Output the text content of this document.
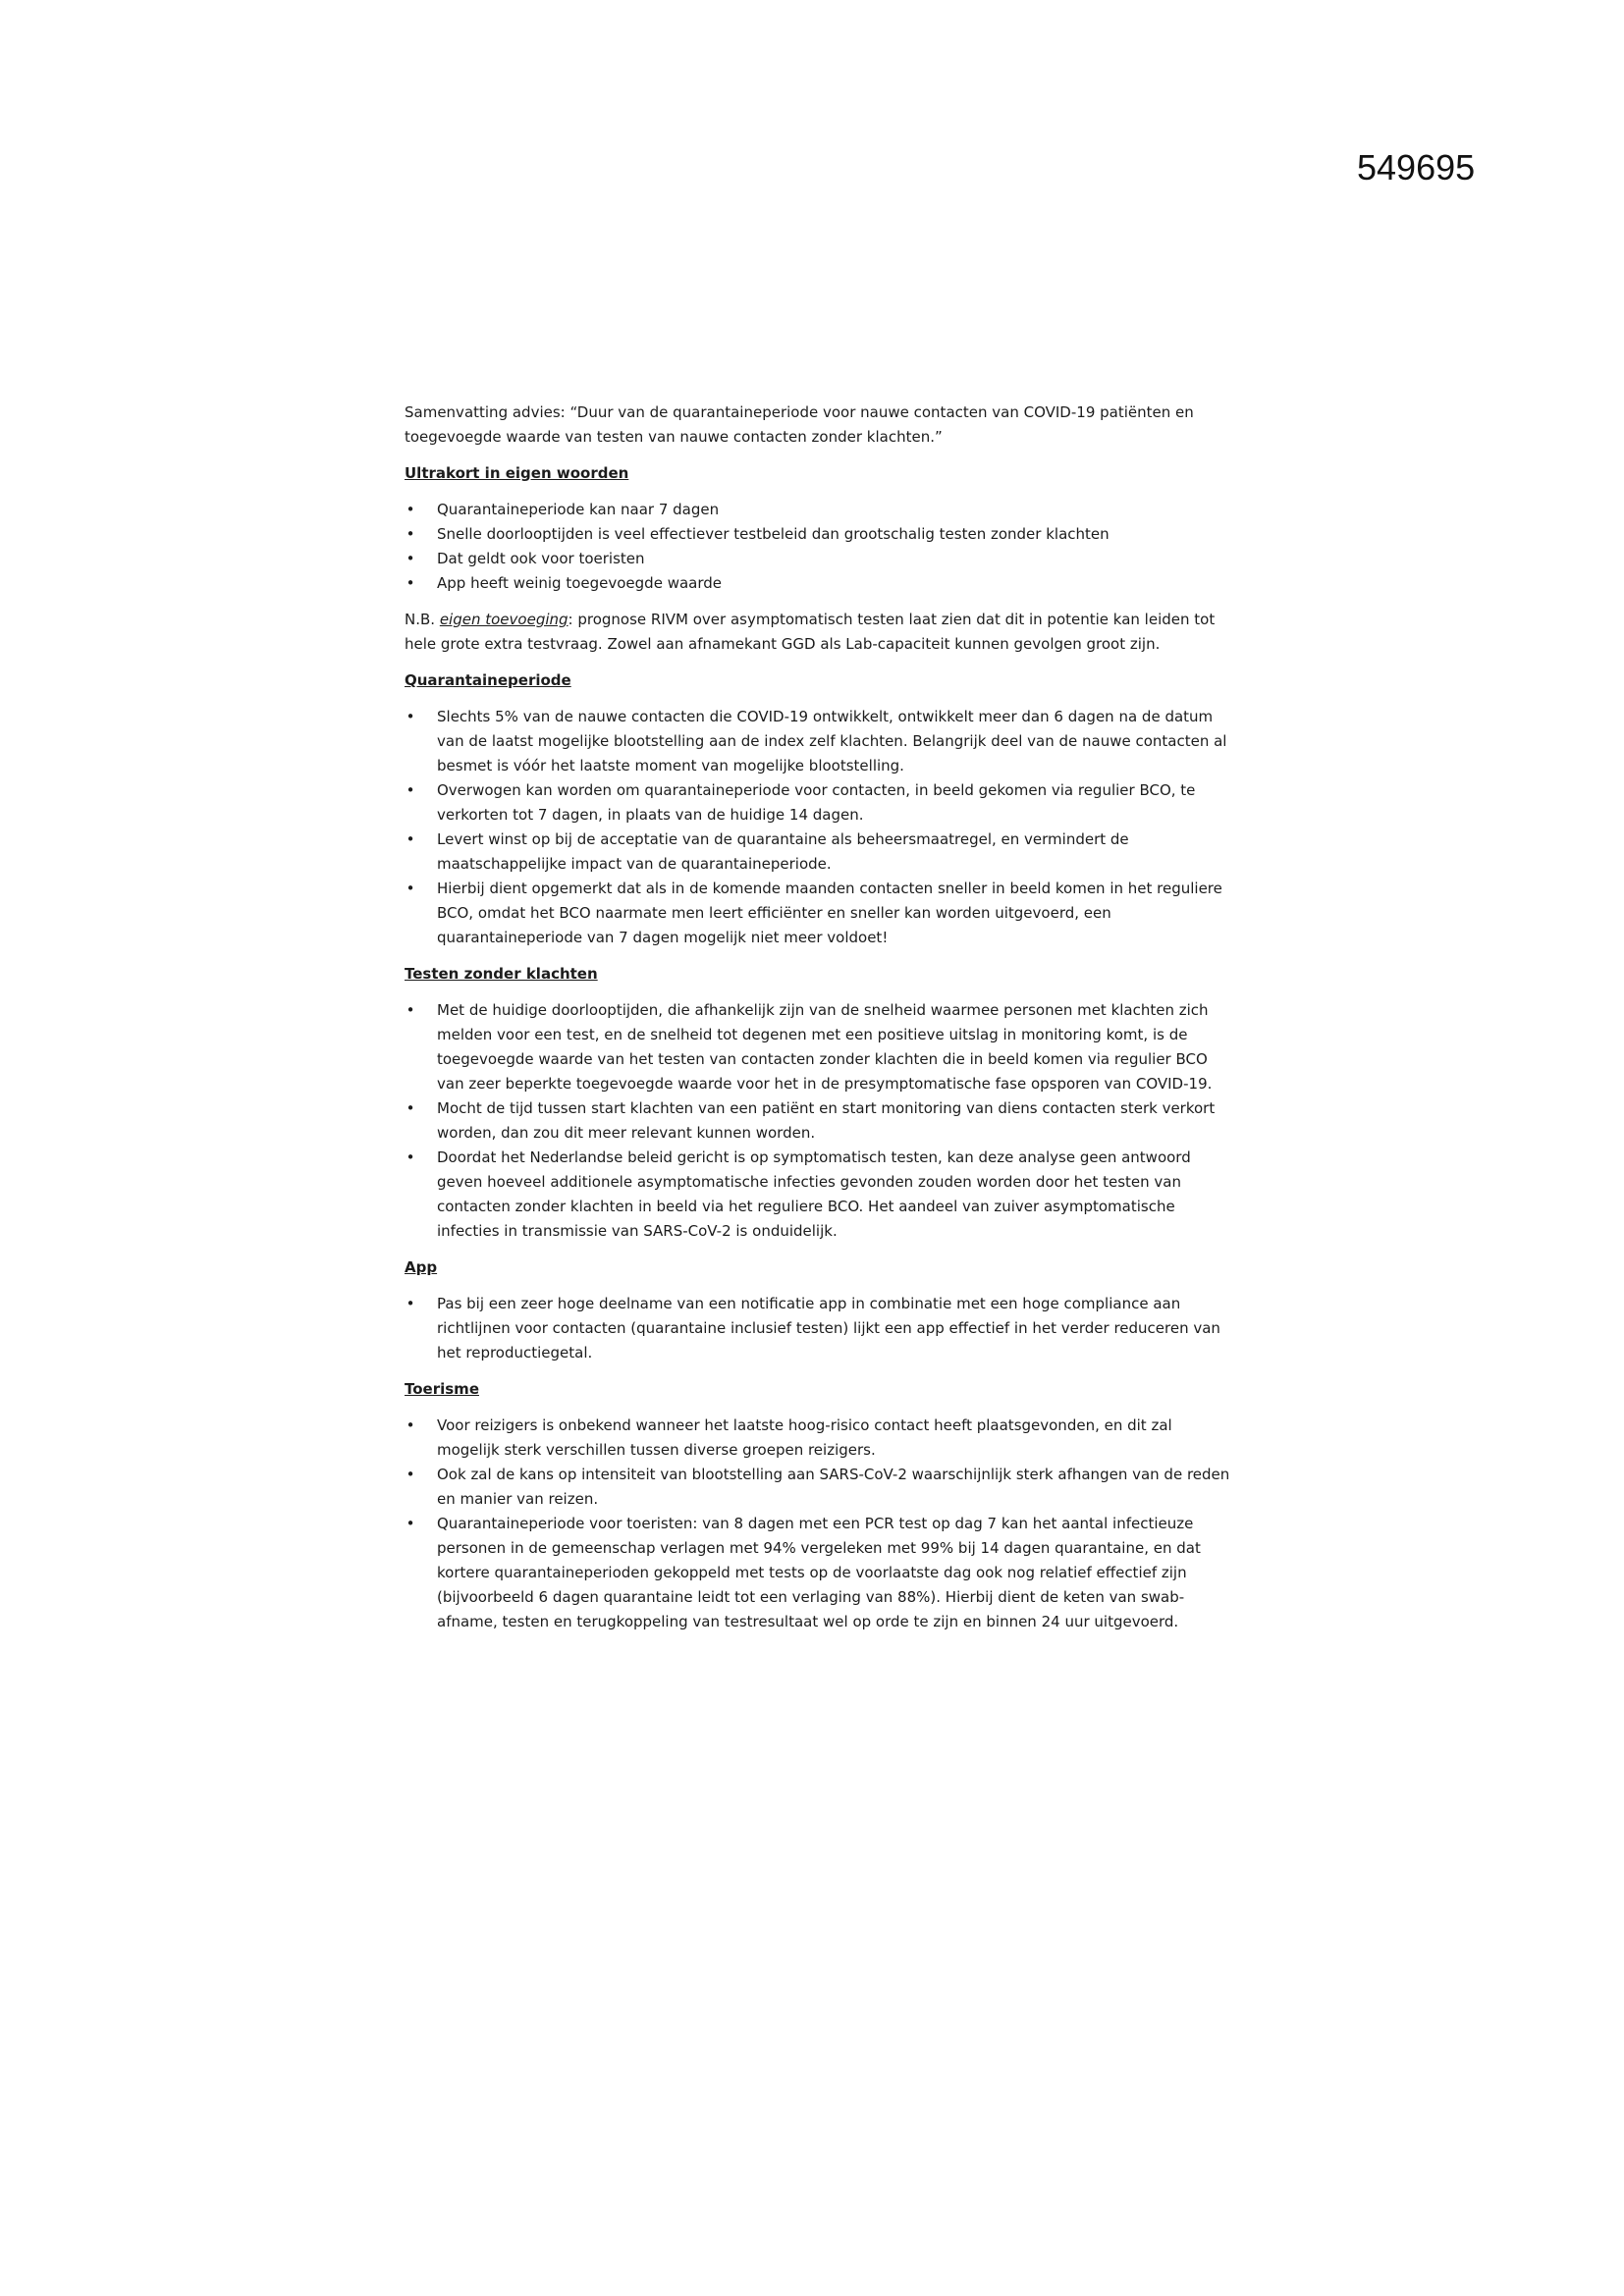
549695

Samenvatting advies: “Duur van de quarantaineperiode voor nauwe contacten van COVID-19 patiënten en toegevoegde waarde van testen van nauwe contacten zonder klachten.”

Ultrakort in eigen woorden
• Quarantaineperiode kan naar 7 dagen
• Snelle doorlooptijden is veel effectiever testbeleid dan grootschalig testen zonder klachten
• Dat geldt ook voor toeristen
• App heeft weinig toegevoegde waarde

N.B. eigen toevoeging: prognose RIVM over asymptomatisch testen laat zien dat dit in potentie kan leiden tot hele grote extra testvraag. Zowel aan afnamekant GGD als Lab-capaciteit kunnen gevolgen groot zijn.

Quarantaineperiode
• Slechts 5% van de nauwe contacten die COVID-19 ontwikkelt, ontwikkelt meer dan 6 dagen na de datum van de laatst mogelijke blootstelling aan de index zelf klachten. Belangrijk deel van de nauwe contacten al besmet is vóór het laatste moment van mogelijke blootstelling.
• Overwogen kan worden om quarantaineperiode voor contacten, in beeld gekomen via regulier BCO, te verkorten tot 7 dagen, in plaats van de huidige 14 dagen.
• Levert winst op bij de acceptatie van de quarantaine als beheersmaatregel, en vermindert de maatschappelijke impact van de quarantaineperiode.
• Hierbij dient opgemerkt dat als in de komende maanden contacten sneller in beeld komen in het reguliere BCO, omdat het BCO naarmate men leert efficiënter en sneller kan worden uitgevoerd, een quarantaineperiode van 7 dagen mogelijk niet meer voldoet!
Testen zonder klachten
• Met de huidige doorlooptijden, die afhankelijk zijn van de snelheid waarmee personen met klachten zich melden voor een test, en de snelheid tot degenen met een positieve uitslag in monitoring komt, is de toegevoegde waarde van het testen van contacten zonder klachten die in beeld komen via regulier BCO van zeer beperkte toegevoegde waarde voor het in de presymptomatische fase opsporen van COVID-19.
• Mocht de tijd tussen start klachten van een patiënt en start monitoring van diens contacten sterk verkort worden, dan zou dit meer relevant kunnen worden.
• Doordat het Nederlandse beleid gericht is op symptomatisch testen, kan deze analyse geen antwoord geven hoeveel additionele asymptomatische infecties gevonden zouden worden door het testen van contacten zonder klachten in beeld via het reguliere BCO. Het aandeel van zuiver asymptomatische infecties in transmissie van SARS-CoV-2 is onduidelijk.
App
• Pas bij een zeer hoge deelname van een notificatie app in combinatie met een hoge compliance aan richtlijnen voor contacten (quarantaine inclusief testen) lijkt een app effectief in het verder reduceren van het reproductiegetal.
Toerisme
• Voor reizigers is onbekend wanneer het laatste hoog-risico contact heeft plaatsgevonden, en dit zal mogelijk sterk verschillen tussen diverse groepen reizigers.
• Ook zal de kans op intensiteit van blootstelling aan SARS-CoV-2 waarschijnlijk sterk afhangen van de reden en manier van reizen.
• Quarantaineperiode voor toeristen: van 8 dagen met een PCR test op dag 7 kan het aantal infectieuze personen in de gemeenschap verlagen met 94% vergeleken met 99% bij 14 dagen quarantaine, en dat kortere quarantaineperioden gekoppeld met tests op de voorlaatste dag ook nog relatief effectief zijn (bijvoorbeeld 6 dagen quarantaine leidt tot een verlaging van 88%). Hierbij dient de keten van swab-afname, testen en terugkoppeling van testresultaat wel op orde te zijn en binnen 24 uur uitgevoerd.
